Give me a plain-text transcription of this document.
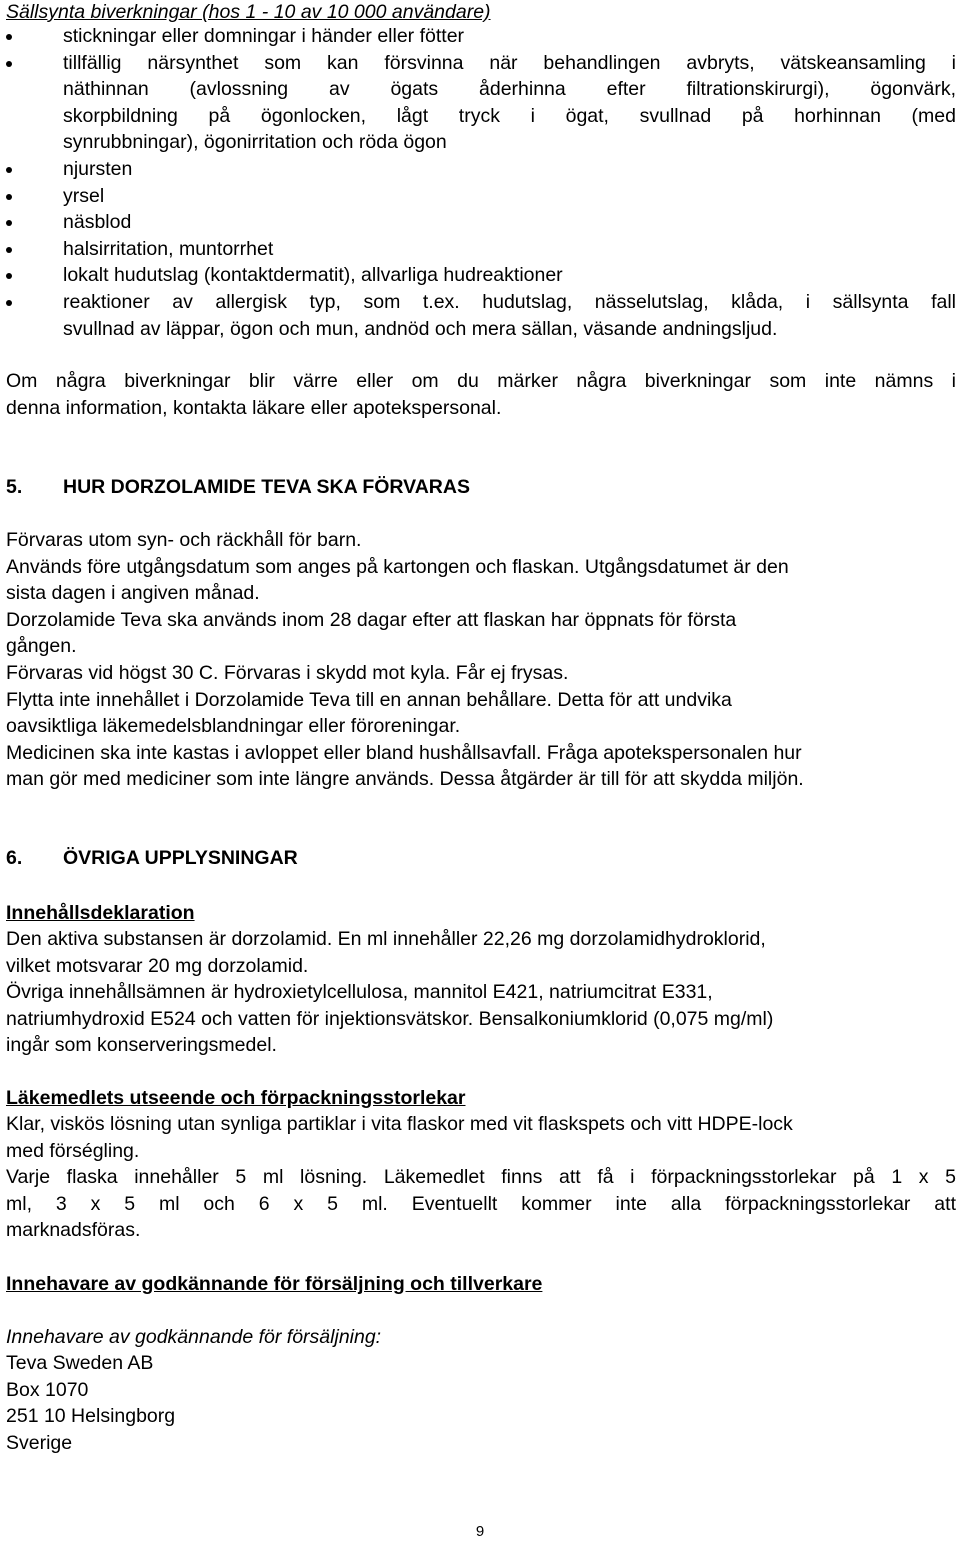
Sällsynta biverkningar (hos 1 - 10 av 10 000 användare)
stickningar eller domningar i händer eller fötter
tillfällig närsynthet som kan försvinna när behandlingen avbryts, vätskeansamling i
näthinnan (avlossning av ögats åderhinna efter filtrationskirurgi), ögonvärk,
skorpbildning på ögonlocken, lågt tryck i ögat, svullnad på horhinnan (med
synrubbningar), ögonirritation och röda ögon
njursten
yrsel
näsblod
halsirritation, muntorrhet
lokalt hudutslag (kontaktdermatit), allvarliga hudreaktioner
reaktioner av allergisk typ, som t.ex. hudutslag, nässelutslag, klåda, i sällsynta fall
svullnad av läppar, ögon och mun, andnöd och mera sällan, väsande andningsljud.
Om några biverkningar blir värre eller om du märker några biverkningar som inte nämns i
denna information, kontakta läkare eller apotekspersonal.
5.	HUR DORZOLAMIDE TEVA SKA FÖRVARAS
Förvaras utom syn- och räckhåll för barn.
Används före utgångsdatum som anges på kartongen och flaskan. Utgångsdatumet är den
sista dagen i angiven månad.
Dorzolamide Teva ska används inom 28 dagar efter att flaskan har öppnats för första
gången.
Förvaras vid högst 30 C. Förvaras i skydd mot kyla. Får ej frysas.
Flytta inte innehållet i Dorzolamide Teva till en annan behållare. Detta för att undvika
oavsiktliga läkemedelsblandningar eller föroreningar.
Medicinen ska inte kastas i avloppet eller bland hushållsavfall. Fråga apotekspersonalen hur
man gör med mediciner som inte längre används. Dessa åtgärder är till för att skydda miljön.
6.	ÖVRIGA UPPLYSNINGAR
Innehållsdeklaration
Den aktiva substansen är dorzolamid. En ml innehåller 22,26 mg dorzolamidhydroklorid,
vilket motsvarar 20 mg dorzolamid.
Övriga innehållsämnen är hydroxietylcellulosa, mannitol E421, natriumcitrat E331,
natriumhydroxid E524 och vatten för injektionsvätskor. Bensalkoniumklorid (0,075 mg/ml)
ingår som konserveringsmedel.
Läkemedlets utseende och förpackningsstorlekar
Klar, viskös lösning utan synliga partiklar i vita flaskor med vit flaskspets och vitt HDPE-lock
med förségling.
Varje flaska innehåller 5 ml lösning. Läkemedlet finns att få i förpackningsstorlekar på 1 x 5
ml, 3 x 5 ml och 6 x 5 ml. Eventuellt kommer inte alla förpackningsstorlekar att
marknadsföras.
Innehavare av godkännande för försäljning och tillverkare
Innehavare av godkännande för försäljning:
Teva Sweden AB
Box 1070
251 10 Helsingborg
Sverige
9
